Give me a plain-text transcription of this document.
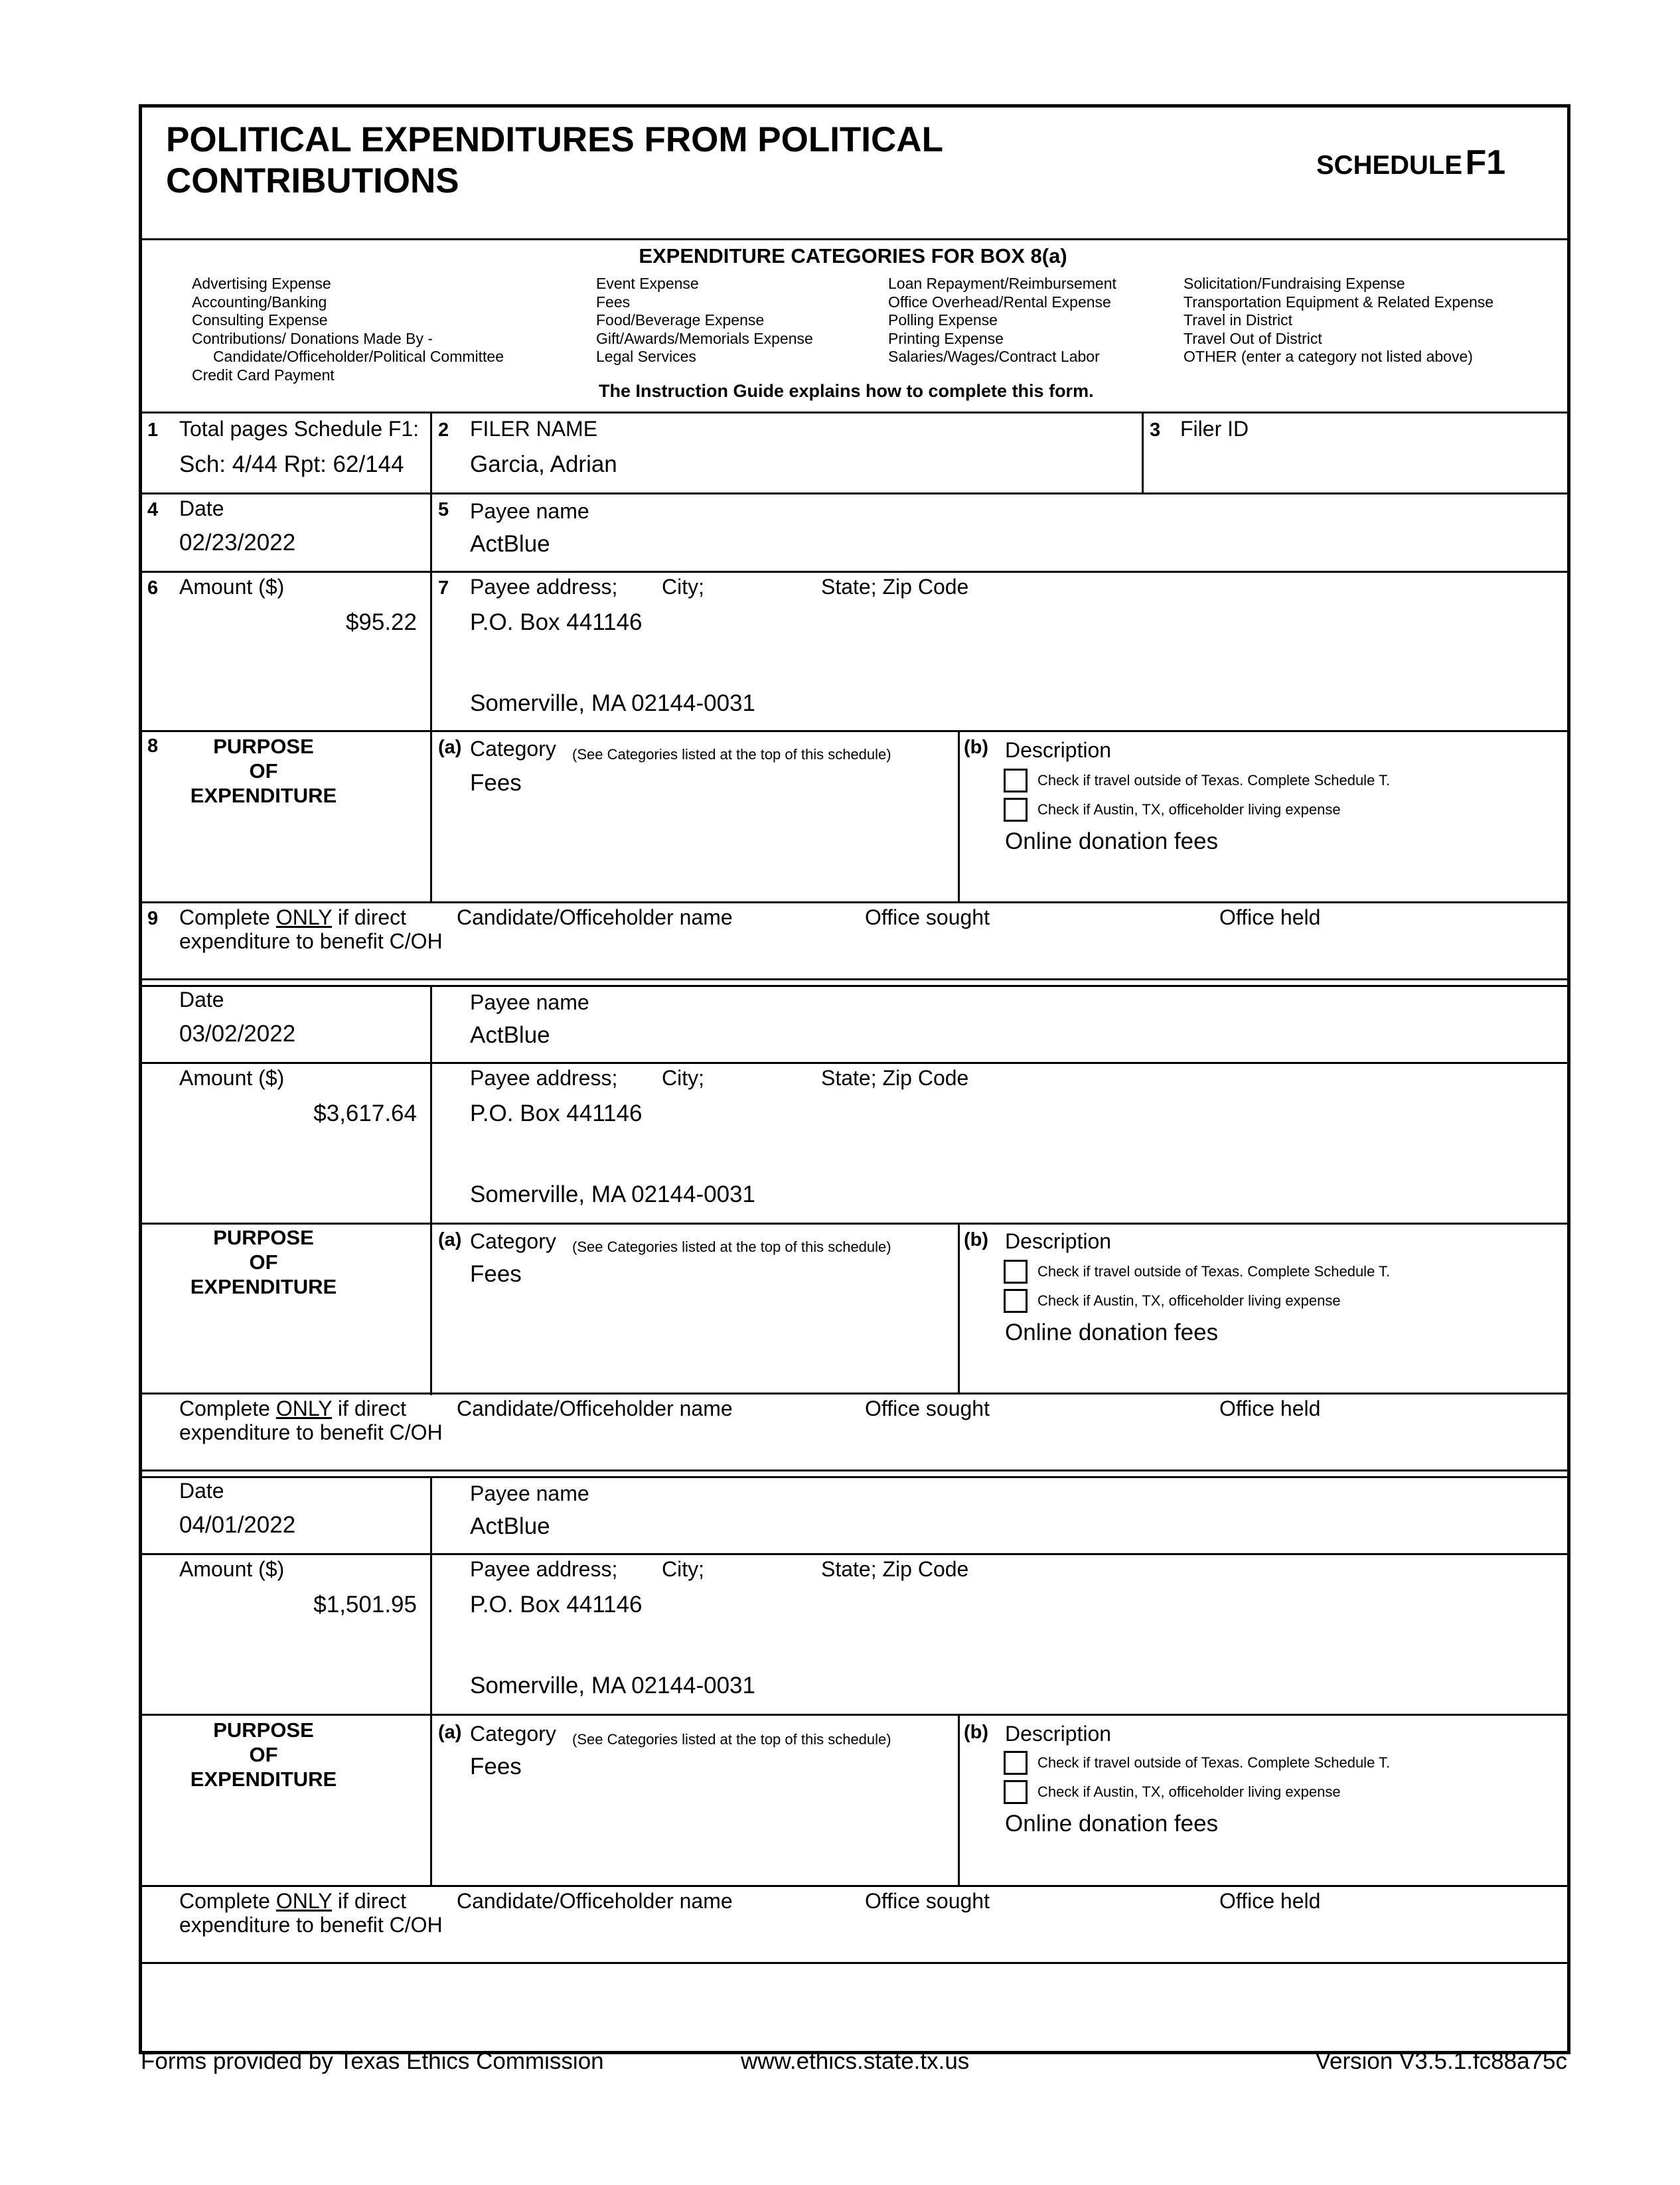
POLITICAL EXPENDITURES FROM POLITICAL
CONTRIBUTIONS	SCHEDULE F1
EXPENDITURE CATEGORIES FOR BOX 8(a)
Advertising Expense
Accounting/Banking
Consulting Expense
Contributions/ Donations Made By -
Candidate/Officeholder/Political Committee
Credit Card Payment
Event Expense
Fees
Food/Beverage Expense
Gift/Awards/Memorials Expense
Legal Services
Loan Repayment/Reimbursement
Office Overhead/Rental Expense
Polling Expense
Printing Expense
Salaries/Wages/Contract Labor
Solicitation/Fundraising Expense
Transportation Equipment & Related Expense
Travel in District
Travel Out of District
OTHER (enter a category not listed above)
The Instruction Guide explains how to complete this form.
1 Total pages Schedule F1:
Sch: 4/44 Rpt: 62/144
2 FILER NAME
Garcia, Adrian
3 Filer ID
4 Date
02/23/2022
5 Payee name
ActBlue
6 Amount ($)
$95.22
7 Payee address; City;	State; Zip Code
P.O. Box 441146
Somerville, MA 02144-0031
8	PURPOSE
OF
EXPENDITURE
(a) Category (See Categories listed at the top of this schedule)
Fees
(b) Description
Check if travel outside of Texas. Complete Schedule T.
Check if Austin, TX, officeholder living expense
Online donation fees
9 Complete ONLY if direct
expenditure to benefit C/OH
Candidate/Officeholder name	Office sought	Office held
Date
03/02/2022
Payee name
ActBlue
Amount ($)
$3,617.64
Payee address; City;	State; Zip Code
P.O. Box 441146
Somerville, MA 02144-0031
PURPOSE
OF
EXPENDITURE
(a) Category (See Categories listed at the top of this schedule)
Fees
(b) Description
Check if travel outside of Texas. Complete Schedule T.
Check if Austin, TX, officeholder living expense
Online donation fees
Complete ONLY if direct
expenditure to benefit C/OH
Candidate/Officeholder name	Office sought	Office held
Date
04/01/2022
Payee name
ActBlue
Amount ($)
$1,501.95
Payee address; City;	State; Zip Code
P.O. Box 441146
Somerville, MA 02144-0031
PURPOSE
OF
EXPENDITURE
(a) Category (See Categories listed at the top of this schedule)
Fees
(b) Description
Check if travel outside of Texas. Complete Schedule T.
Check if Austin, TX, officeholder living expense
Online donation fees
Complete ONLY if direct
expenditure to benefit C/OH
Candidate/Officeholder name	Office sought	Office held
Forms provided by Texas Ethics Commission	www.ethics.state.tx.us	Version V3.5.1.fc88a75c
